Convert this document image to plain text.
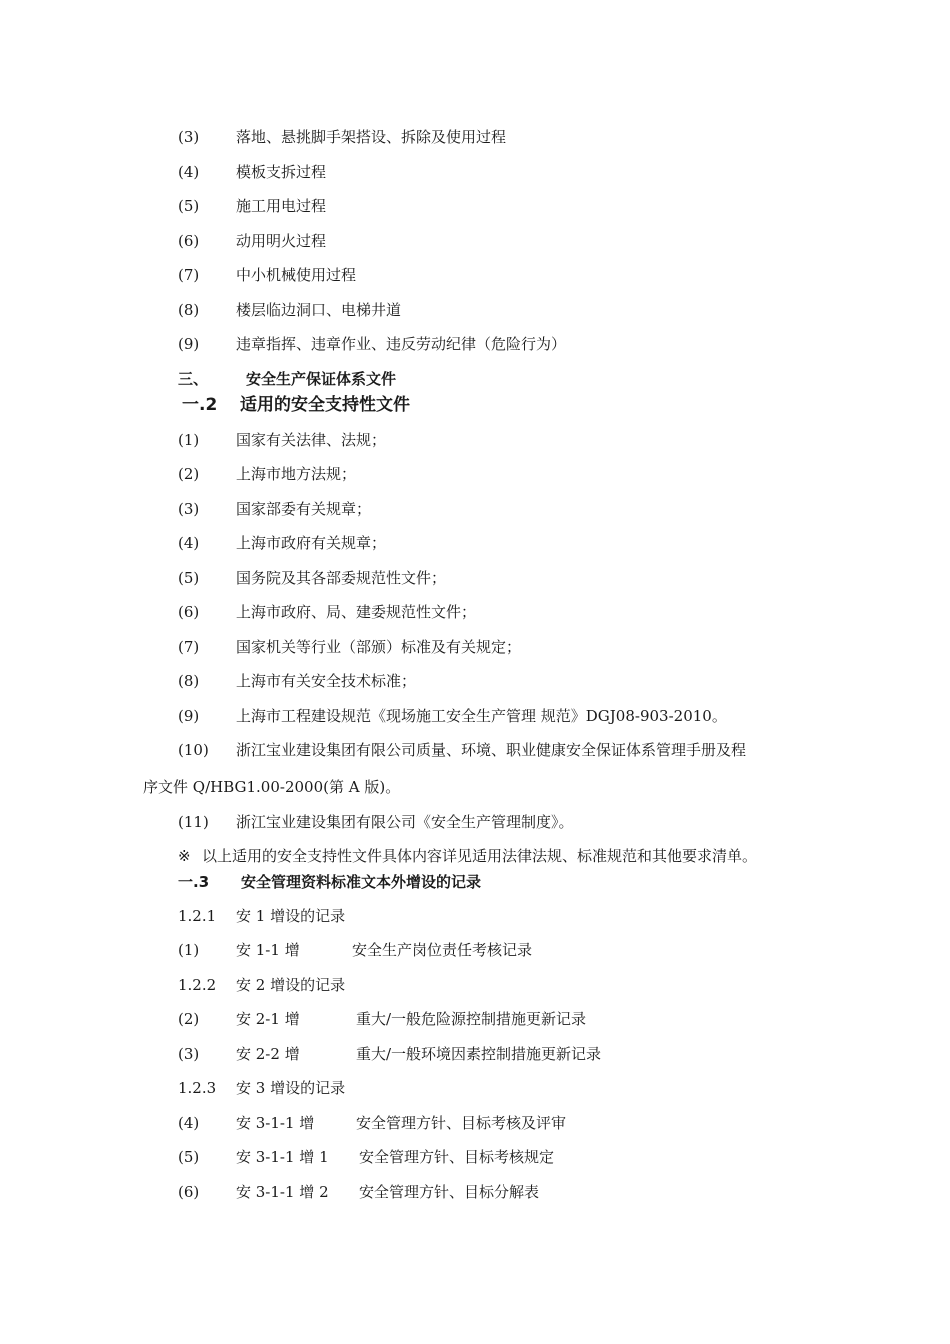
(3) 落地、悬挑脚手架搭设、拆除及使用过程
(4) 模板支拆过程
(5) 施工用电过程
(6) 动用明火过程
(7) 中小机械使用过程
(8) 楼层临边洞口、电梯井道
(9) 违章指挥、违章作业、违反劳动纪律（危险行为）
三、	安全生产保证体系文件
一.2 适用的安全支持性文件
(1) 国家有关法律、法规；
(2) 上海市地方法规；
(3) 国家部委有关规章；
(4) 上海市政府有关规章；
(5) 国务院及其各部委规范性文件；
(6) 上海市政府、局、建委规范性文件；
(7) 国家机关等行业（部颁）标准及有关规定；
(8) 上海市有关安全技术标准；
(9) 上海市工程建设规范《现场施工安全生产管理 规范》DGJ08-903-2010。
(10) 浙江宝业建设集团有限公司质量、环境、职业健康安全保证体系管理手册及程
序文件 Q/HBG1.00-2000(第 A 版)。
(11) 浙江宝业建设集团有限公司《安全生产管理制度》。
※ 以上适用的安全支持性文件具体内容详见适用法律法规、标准规范和其他要求清单。
一.3 安全管理资料标准文本外增设的记录
1.2.1 安 1 增设的记录
(1) 安 1-1 增	安全生产岗位责任考核记录
1.2.2 安 2 增设的记录
(2) 安 2-1 增	重大/一般危险源控制措施更新记录
(3) 安 2-2 增	重大/一般环境因素控制措施更新记录
1.2.3 安 3 增设的记录
(4) 安 3-1-1 增	安全管理方针、目标考核及评审
(5) 安 3-1-1 增 1 安全管理方针、目标考核规定
(6) 安 3-1-1 增 2 安全管理方针、目标分解表
